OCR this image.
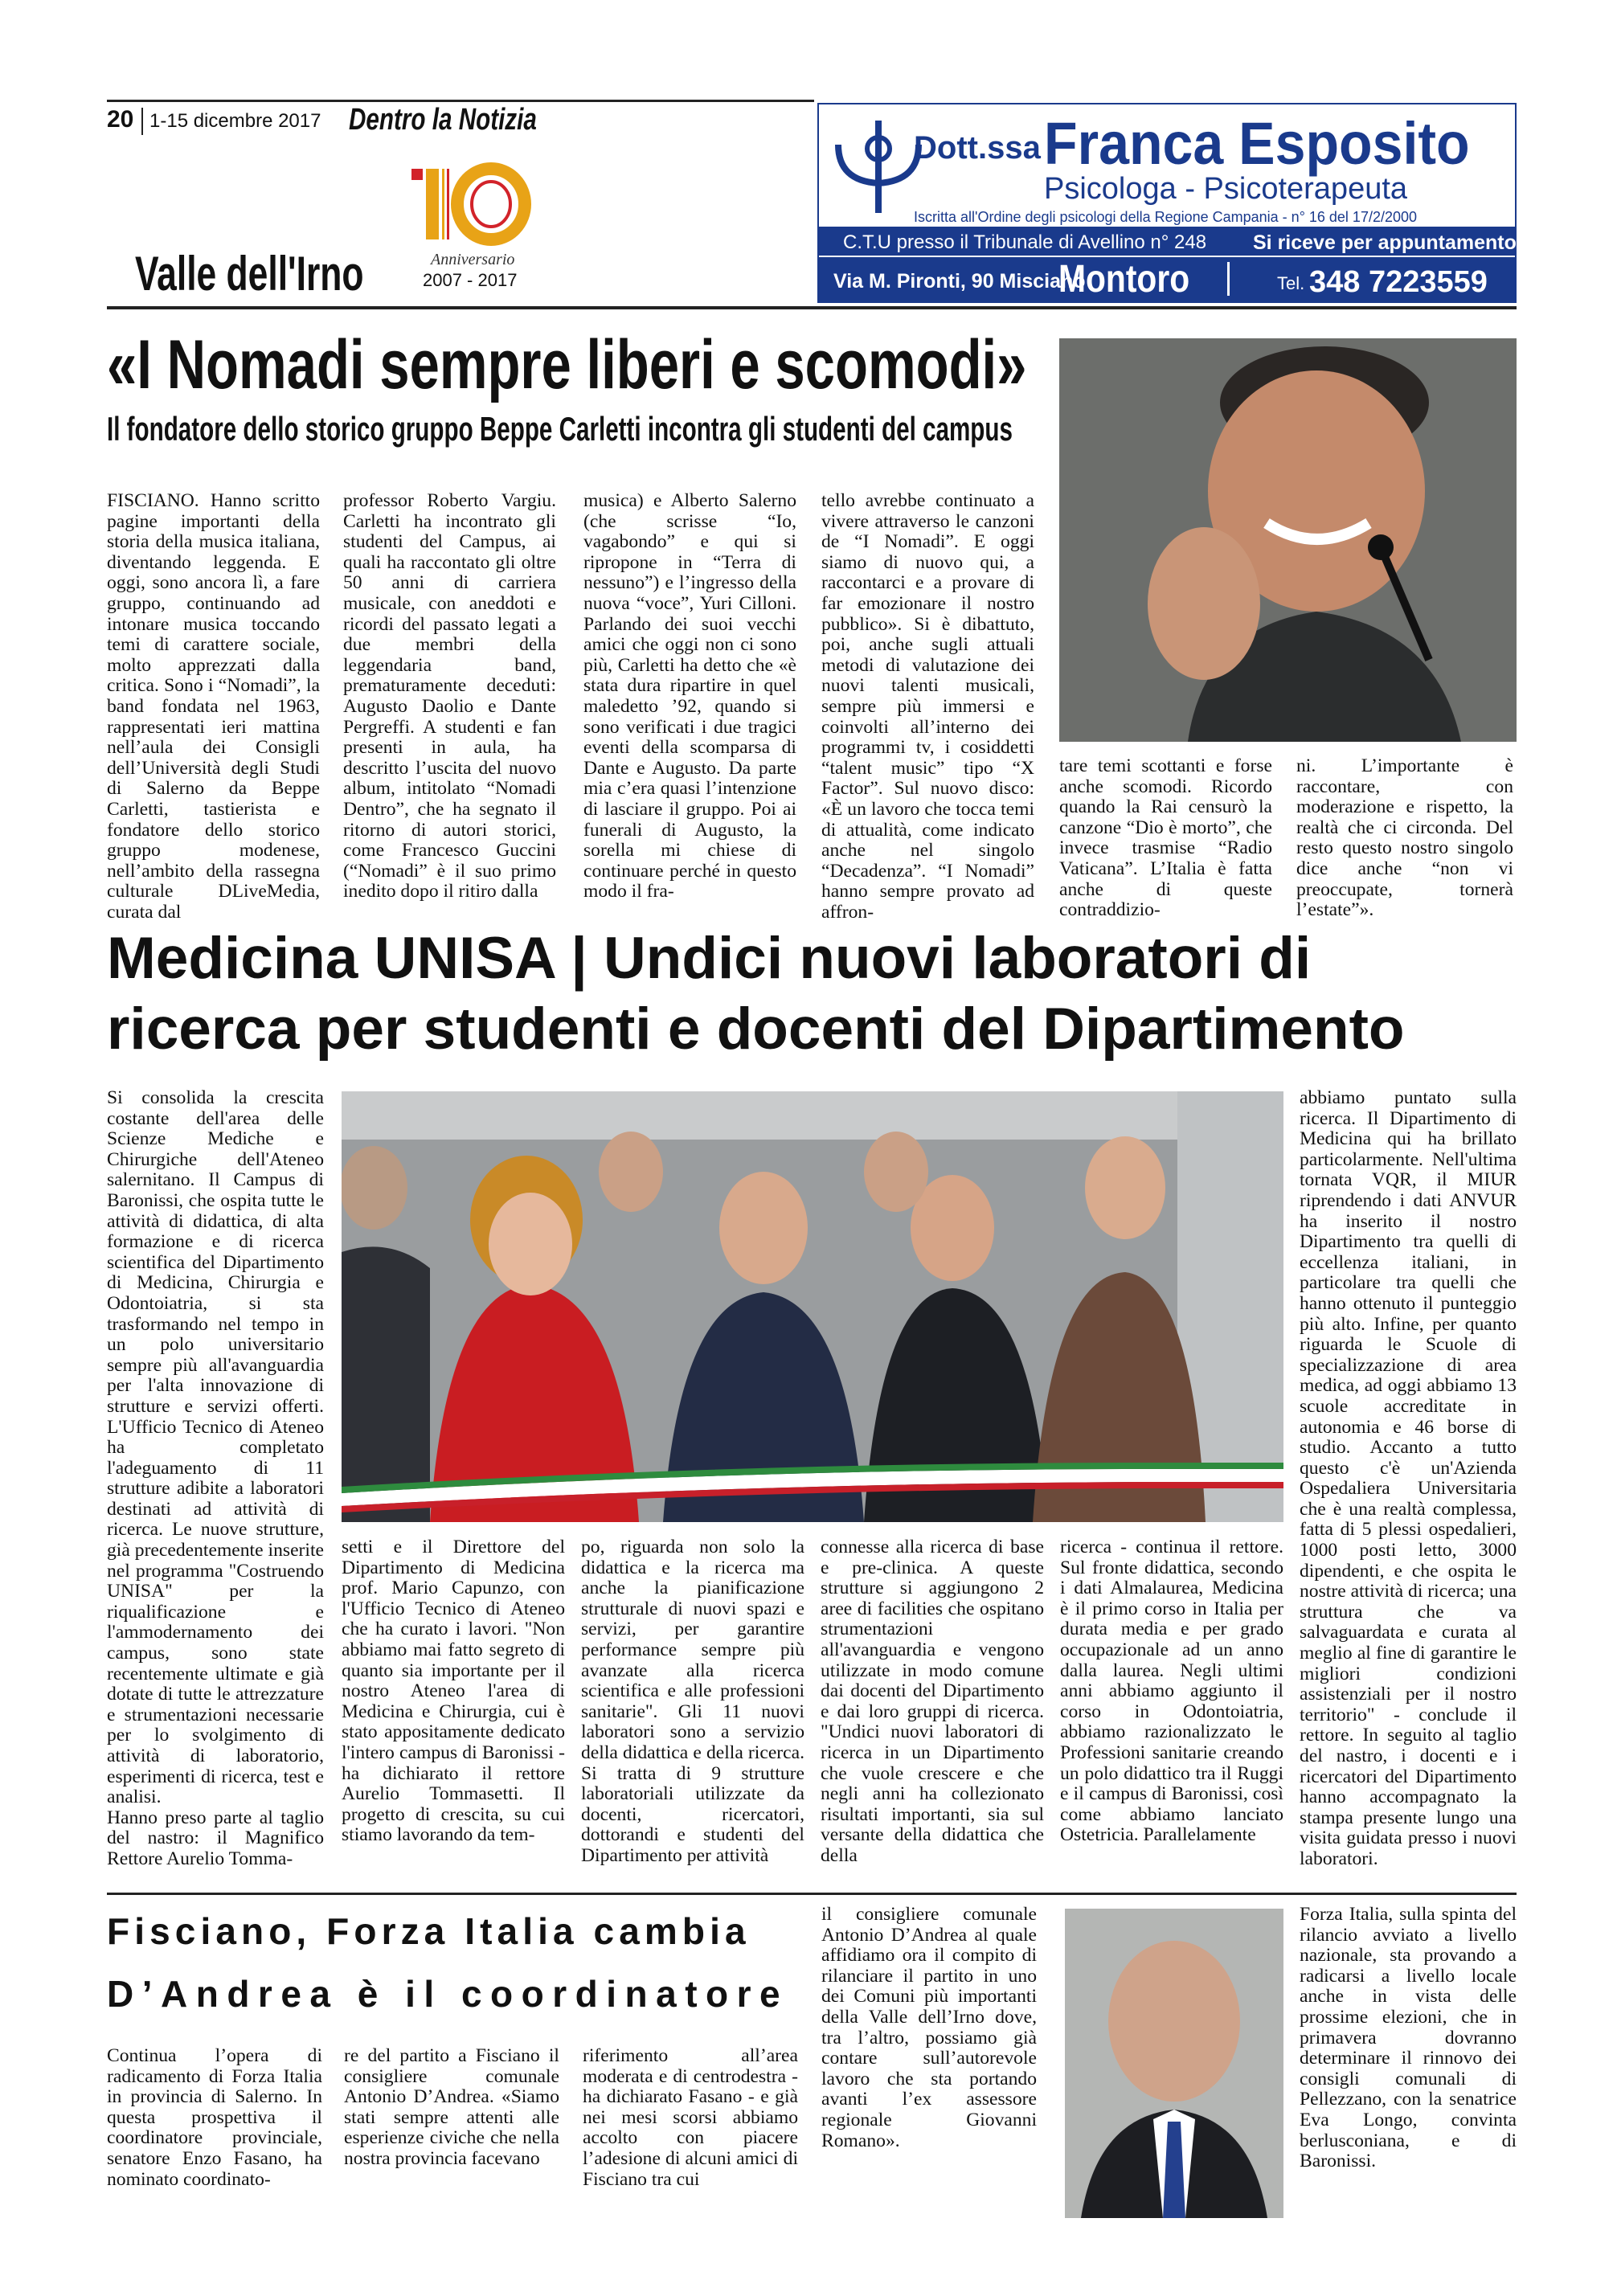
20 1-15 dicembre 2017 Dentro la Notizia
Valle dell'Irno	Anniversario
2007 - 2017
Dott.ssa Franca Esposito
Psicologa - Psicoterapeuta
Iscritta all'Ordine degli psicologi della Regione Campania - n° 16 del 17/2/2000
C.T.U presso il Tribunale di Avellino n° 248 Si riceve per appuntamento
Via M. Pironti, 90 Misciano
Montoro	Tel. 348 7223559
«I Nomadi sempre liberi e scomodi»
Il fondatore dello storico gruppo Beppe Carletti incontra gli studenti del campus
FISCIANO. Hanno scritto pagine importanti della storia della musica italiana, diventando leggenda. E oggi, sono ancora lì, a fare gruppo, continuando ad intonare musica toccando temi di carattere sociale, molto apprezzati dalla critica. Sono i “Nomadi”, la band fondata nel 1963, rappresentati ieri mattina nell’aula dei Consigli dell’Università degli Studi di Salerno da Beppe Carletti, tastierista e fondatore dello storico gruppo modenese, nell’ambito della rassegna culturale DLiveMedia, curata dal
professor Roberto Vargiu. Carletti ha incontrato gli studenti del Campus, ai quali ha raccontato gli oltre 50 anni di carriera musicale, con aneddoti e ricordi del passato legati a due membri della leggendaria band, prematuramente deceduti: Augusto Daolio e Dante Pergreffi. A studenti e fan presenti in aula, ha descritto l’uscita del nuovo album, intitolato “Nomadi Dentro”, che ha segnato il ritorno di autori storici, come Francesco Guccini (“Nomadi” è il suo primo inedito dopo il ritiro dalla
musica) e Alberto Salerno (che scrisse “Io, vagabondo” e qui si ripropone in “Terra di nessuno”) e l’ingresso della nuova “voce”, Yuri Cilloni. Parlando dei suoi vecchi amici che oggi non ci sono più, Carletti ha detto che «è stata dura ripartire in quel maledetto ’92, quando si sono verificati i due tragici eventi della scomparsa di Dante e Augusto. Da parte mia c’era quasi l’intenzione di lasciare il gruppo. Poi ai funerali di Augusto, la sorella mi chiese di continuare perché in questo modo il fra-
tello avrebbe continuato a vivere attraverso le canzoni de “I Nomadi”. E oggi siamo di nuovo qui, a raccontarci e a provare di far emozionare il nostro pubblico». Si è dibattuto, poi, anche sugli attuali metodi di valutazione dei nuovi talenti musicali, sempre più immersi e coinvolti all’interno dei programmi tv, i cosiddetti “talent music” tipo “X Factor”. Sul nuovo disco: «È un lavoro che tocca temi di attualità, come indicato anche nel singolo “Decadenza”. “I Nomadi” hanno sempre provato ad affron-
tare temi scottanti e forse anche scomodi. Ricordo quando la Rai censurò la canzone “Dio è morto”, che invece trasmise “Radio Vaticana”. L’Italia è fatta anche di queste contraddizio-
ni. L’importante è raccontare, con moderazione e rispetto, la realtà che ci circonda. Del resto questo nostro singolo dice anche “non vi preoccupate, tornerà l’estate”».
Medicina UNISA | Undici nuovi laboratori di
ricerca per studenti e docenti del Dipartimento

Si consolida la crescita costante dell'area delle Scienze Mediche e Chirurgiche dell'Ateneo salernitano. Il Campus di Baronissi, che ospita tutte le attività di didattica, di alta formazione e di ricerca scientifica del Dipartimento di Medicina, Chirurgia e Odontoiatria, si sta trasformando nel tempo in un polo universitario sempre più all'avanguardia per l'alta innovazione di strutture e servizi offerti. L'Ufficio Tecnico di Ateneo ha completato l'adeguamento di 11 strutture adibite a laboratori destinati ad attività di ricerca. Le nuove strutture, già precedentemente inserite nel programma "Costruendo UNISA" per la riqualificazione e l'ammodernamento dei campus, sono state recentemente ultimate e già dotate di tutte le attrezzature e strumentazioni necessarie per lo svolgimento di attività di laboratorio, esperimenti di ricerca, test e analisi.

Hanno preso parte al taglio del nastro: il Magnifico Rettore Aurelio Tomma-

setti e il Direttore del Dipartimento di Medicina prof. Mario Capunzo, con l'Ufficio Tecnico di Ateneo che ha curato i lavori. "Non abbiamo mai fatto segreto di quanto sia importante per il nostro Ateneo l'area di Medicina e Chirurgia, cui è stato appositamente dedicato l'intero campus di Baronissi - ha dichiarato il rettore Aurelio Tommasetti. Il progetto di crescita, su cui stiamo lavorando da tem-
po, riguarda non solo la didattica e la ricerca ma anche la pianificazione strutturale di nuovi spazi e servizi, per garantire performance sempre più avanzate alla ricerca scientifica e alle professioni sanitarie". Gli 11 nuovi laboratori sono a servizio della didattica e della ricerca. Si tratta di 9 strutture laboratoriali utilizzate da docenti, ricercatori, dottorandi e studenti del Dipartimento per attività
connesse alla ricerca di base e pre-clinica. A queste strutture si aggiungono 2 aree di facilities che ospitano strumentazioni all'avanguardia e vengono utilizzate in modo comune dai docenti del Dipartimento e dai loro gruppi di ricerca. "Undici nuovi laboratori di ricerca in un Dipartimento che vuole crescere e che negli anni ha collezionato risultati importanti, sia sul versante della didattica che della
ricerca - continua il rettore. Sul fronte didattica, secondo i dati Almalaurea, Medicina è il primo corso in Italia per durata media e per grado occupazionale ad un anno dalla laurea. Negli ultimi anni abbiamo aggiunto il corso in Odontoiatria, abbiamo razionalizzato le Professioni sanitarie creando un polo didattico tra il Ruggi e il campus di Baronissi, così come abbiamo lanciato Ostetricia. Parallelamente
abbiamo puntato sulla ricerca. Il Dipartimento di Medicina qui ha brillato particolarmente. Nell'ultima tornata VQR, il MIUR riprendendo i dati ANVUR ha inserito il nostro Dipartimento tra quelli di eccellenza italiani, in particolare tra quelli che hanno ottenuto il punteggio più alto. Infine, per quanto riguarda le Scuole di specializzazione di area medica, ad oggi abbiamo 13 scuole accreditate in autonomia e 46 borse di studio. Accanto a tutto questo c'è un'Azienda Ospedaliera Universitaria che è una realtà complessa, fatta di 5 plessi ospedalieri, 1000 posti letto, 3000 dipendenti, e che ospita le nostre attività di ricerca; una struttura che va salvaguardata e curata al meglio al fine di garantire le migliori condizioni assistenziali per il nostro territorio" - conclude il rettore. In seguito al taglio del nastro, i docenti e i ricercatori del Dipartimento hanno accompagnato la stampa presente lungo una visita guidata presso i nuovi laboratori.
Fisciano, Forza Italia cambia
D’Andrea è il coordinatore
Continua l’opera di radicamento di Forza Italia in provincia di Salerno. In questa prospettiva il coordinatore provinciale, senatore Enzo Fasano, ha nominato coordinato-
re del partito a Fisciano il consigliere comunale Antonio D’Andrea. «Siamo stati sempre attenti alle esperienze civiche che nella nostra provincia facevano
riferimento all’area moderata e di centrodestra - ha dichiarato Fasano - e già nei mesi scorsi abbiamo accolto con piacere l’adesione di alcuni amici di Fisciano tra cui
il consigliere comunale Antonio D’Andrea al quale affidiamo ora il compito di rilanciare il partito in uno dei Comuni più importanti della Valle dell’Irno dove, tra l’altro, possiamo già contare sull’autorevole lavoro che sta portando avanti l’ex assessore regionale Giovanni Romano».
Forza Italia, sulla spinta del rilancio avviato a livello nazionale, sta provando a radicarsi a livello locale anche in vista delle prossime elezioni, che in primavera dovranno determinare il rinnovo dei consigli comunali di Pellezzano, con la senatrice Eva Longo, convinta berlusconiana, e di Baronissi.
